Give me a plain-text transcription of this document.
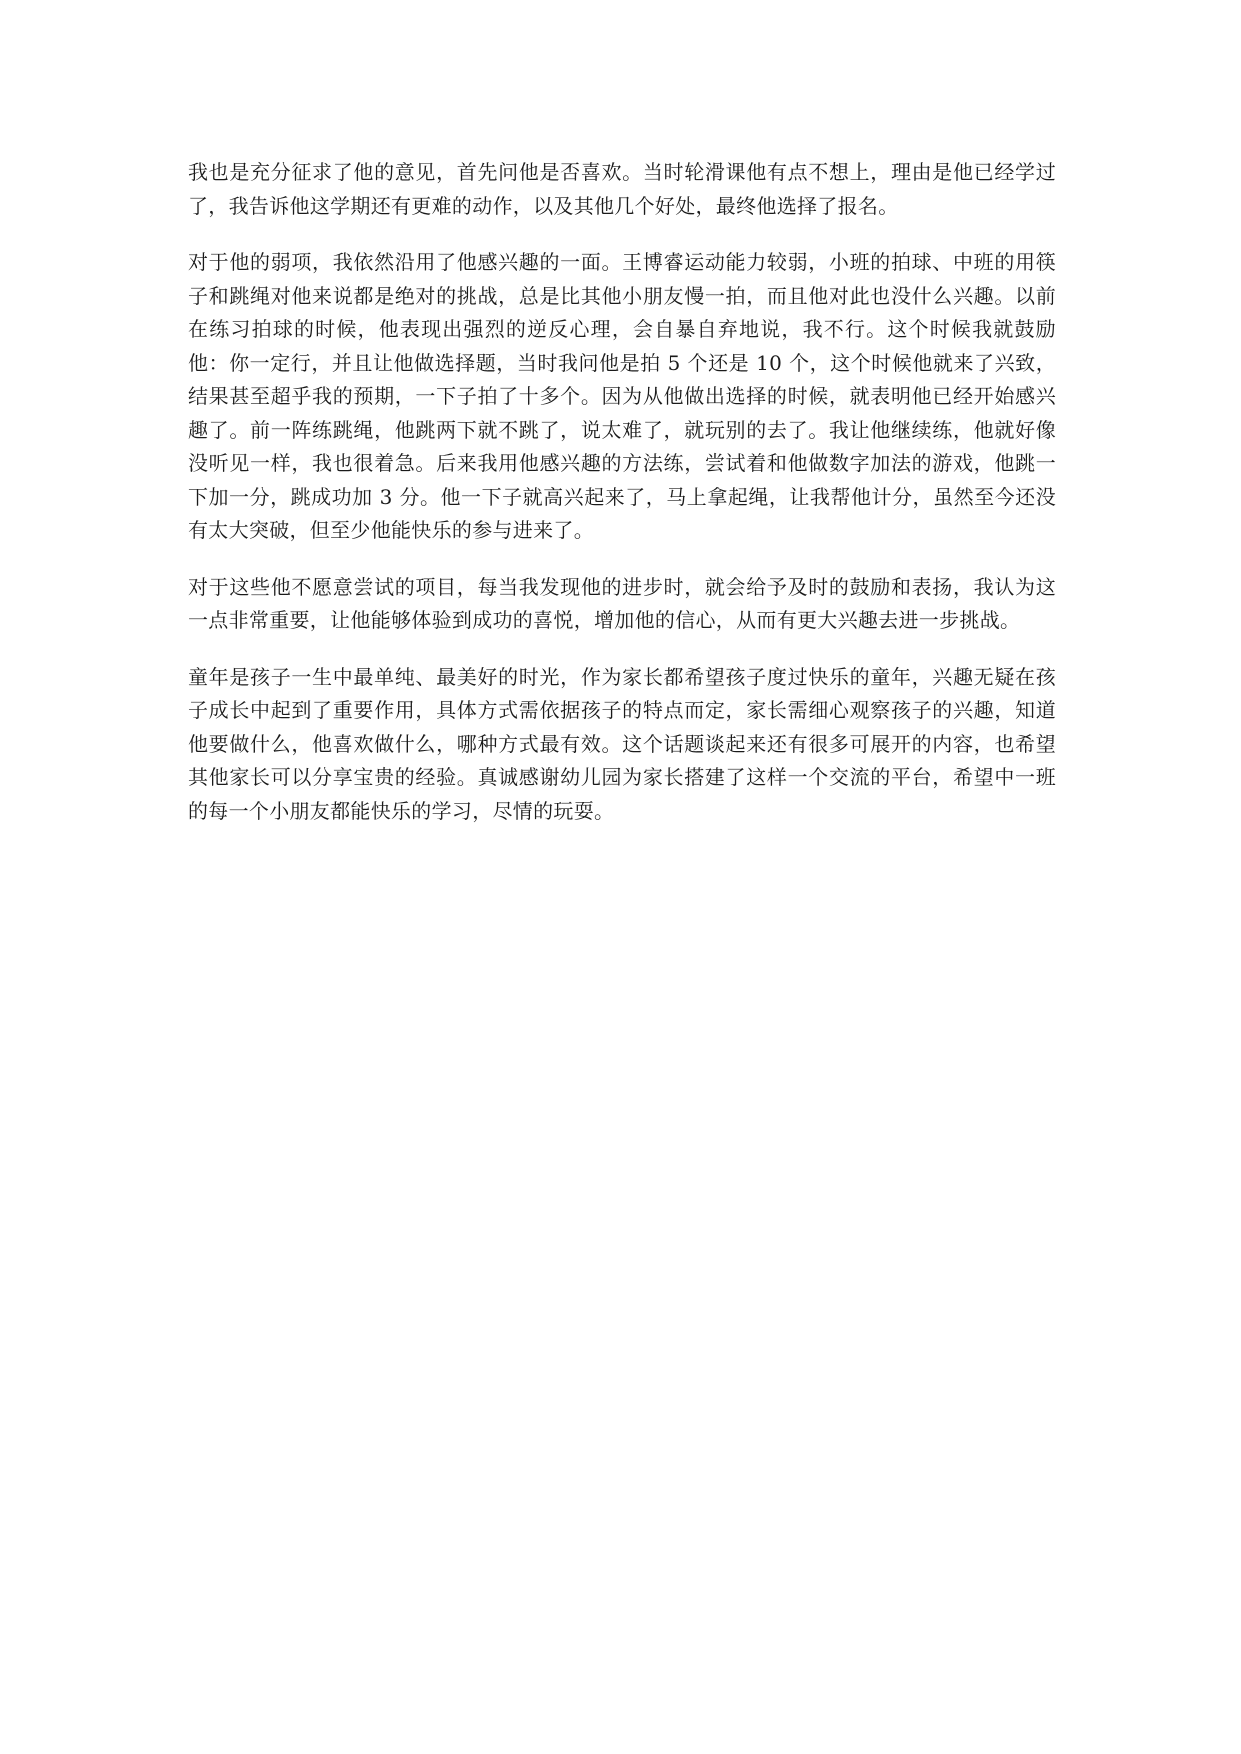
我也是充分征求了他的意见，首先问他是否喜欢。当时轮滑课他有点不想上，理由是他已经学过了，我告诉他这学期还有更难的动作，以及其他几个好处，最终他选择了报名。

对于他的弱项，我依然沿用了他感兴趣的一面。王博睿运动能力较弱，小班的拍球、中班的用筷子和跳绳对他来说都是绝对的挑战，总是比其他小朋友慢一拍，而且他对此也没什么兴趣。以前在练习拍球的时候，他表现出强烈的逆反心理，会自暴自弃地说，我不行。这个时候我就鼓励他：你一定行，并且让他做选择题，当时我问他是拍 5 个还是 10 个，这个时候他就来了兴致，结果甚至超乎我的预期，一下子拍了十多个。因为从他做出选择的时候，就表明他已经开始感兴趣了。前一阵练跳绳，他跳两下就不跳了，说太难了，就玩别的去了。我让他继续练，他就好像没听见一样，我也很着急。后来我用他感兴趣的方法练，尝试着和他做数字加法的游戏，他跳一下加一分，跳成功加 3 分。他一下子就高兴起来了，马上拿起绳，让我帮他计分，虽然至今还没有太大突破，但至少他能快乐的参与进来了。

对于这些他不愿意尝试的项目，每当我发现他的进步时，就会给予及时的鼓励和表扬，我认为这一点非常重要，让他能够体验到成功的喜悦，增加他的信心，从而有更大兴趣去进一步挑战。

童年是孩子一生中最单纯、最美好的时光，作为家长都希望孩子度过快乐的童年，兴趣无疑在孩子成长中起到了重要作用，具体方式需依据孩子的特点而定，家长需细心观察孩子的兴趣，知道他要做什么，他喜欢做什么，哪种方式最有效。这个话题谈起来还有很多可展开的内容，也希望其他家长可以分享宝贵的经验。真诚感谢幼儿园为家长搭建了这样一个交流的平台，希望中一班的每一个小朋友都能快乐的学习，尽情的玩耍。
